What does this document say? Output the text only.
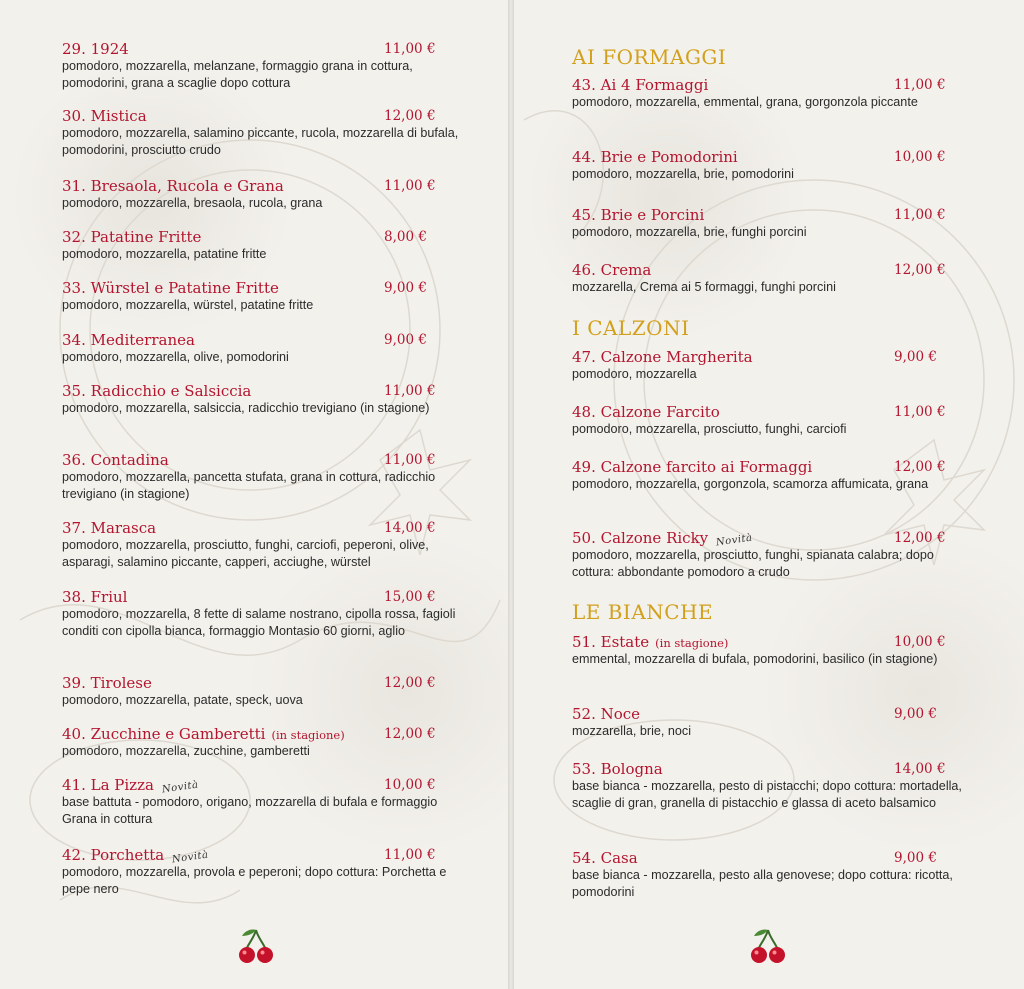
29. 1924	11,00 €
pomodoro, mozzarella, melanzane, formaggio grana in cottura, pomodorini, grana a scaglie dopo cottura
30. Mistica	12,00 €
pomodoro, mozzarella, salamino piccante, rucola, mozzarella di bufala, pomodorini, prosciutto crudo
31. Bresaola, Rucola e Grana	11,00 €
pomodoro, mozzarella, bresaola, rucola, grana
32. Patatine Fritte	8,00 €
pomodoro, mozzarella, patatine fritte
33. Würstel e Patatine Fritte	9,00 €
pomodoro, mozzarella, würstel, patatine fritte
34. Mediterranea	9,00 €
pomodoro, mozzarella, olive, pomodorini
35. Radicchio e Salsiccia	11,00 €
pomodoro, mozzarella, salsiccia, radicchio trevigiano (in stagione)
36. Contadina	11,00 €
pomodoro, mozzarella, pancetta stufata, grana in cottura, radicchio trevigiano (in stagione)
37. Marasca	14,00 €
pomodoro, mozzarella, prosciutto, funghi, carciofi, peperoni, olive, asparagi, salamino piccante, capperi, acciughe, würstel
38. Friul	15,00 €
pomodoro, mozzarella, 8 fette di salame nostrano, cipolla rossa, fagioli conditi con cipolla bianca, formaggio Montasio 60 giorni, aglio
39. Tirolese	12,00 €
pomodoro, mozzarella, patate, speck, uova
40. Zucchine e Gamberetti (in stagione)	12,00 €
pomodoro, mozzarella, zucchine, gamberetti
41. La Pizza Novità	10,00 €
base battuta - pomodoro, origano, mozzarella di bufala e formaggio Grana in cottura
42. Porchetta Novità	11,00 €
pomodoro, mozzarella, provola e peperoni; dopo cottura: Porchetta e pepe nero
AI FORMAGGI
43. Ai 4 Formaggi	11,00 €
pomodoro, mozzarella, emmental, grana, gorgonzola piccante
44. Brie e Pomodorini	10,00 €
pomodoro, mozzarella, brie, pomodorini
45. Brie e Porcini	11,00 €
pomodoro, mozzarella, brie, funghi porcini
46. Crema	12,00 €
mozzarella, Crema ai 5 formaggi, funghi porcini
I CALZONI
47. Calzone Margherita	9,00 €
pomodoro, mozzarella
48. Calzone Farcito	11,00 €
pomodoro, mozzarella, prosciutto, funghi, carciofi
49. Calzone farcito ai Formaggi	12,00 €
pomodoro, mozzarella, gorgonzola, scamorza affumicata, grana
50. Calzone Ricky Novità	12,00 €
pomodoro, mozzarella, prosciutto, funghi, spianata calabra; dopo cottura: abbondante pomodoro a crudo
LE BIANCHE
51. Estate (in stagione)	10,00 €
emmental, mozzarella di bufala, pomodorini, basilico (in stagione)
52. Noce	9,00 €
mozzarella, brie, noci
53. Bologna	14,00 €
base bianca - mozzarella, pesto di pistacchi; dopo cottura: mortadella, scaglie di gran, granella di pistacchio e glassa di aceto balsamico
54. Casa	9,00 €
base bianca - mozzarella, pesto alla genovese; dopo cottura: ricotta, pomodorini
